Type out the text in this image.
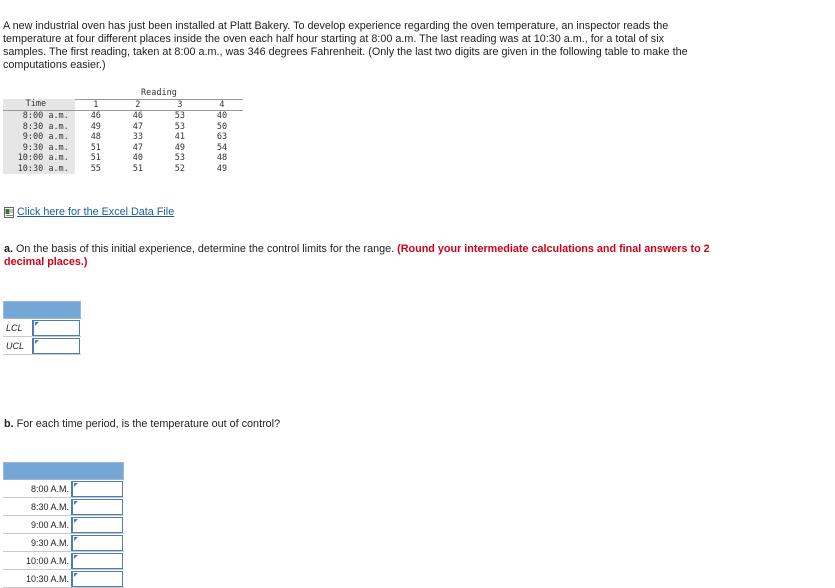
A new industrial oven has just been installed at Platt Bakery. To develop experience regarding the oven temperature, an inspector reads the temperature at four different places inside the oven each half hour starting at 8:00 a.m. The last reading was at 10:30 a.m., for a total of six samples. The first reading, taken at 8:00 a.m., was 346 degrees Fahrenheit. (Only the last two digits are given in the following table to make the computations easier.)
	Reading			
Time	1	2	3	4
8:00 a.m.	46	46	53	40
8:30 a.m.	49	47	53	50
9:00 a.m.	48	33	41	63
9:30 a.m.	51	47	49	54
10:00 a.m.	51	40	53	48
10:30 a.m.	55	51	52	49
Click here for the Excel Data File
a. On the basis of this initial experience, determine the control limits for the range. (Round your intermediate calculations and final answers to 2 decimal places.)
LCL
UCL
b. For each time period, is the temperature out of control?
8:00 A.M.
8:30 A.M.
9:00 A.M.
9:30 A.M.
10:00 A.M.
10:30 A.M.
